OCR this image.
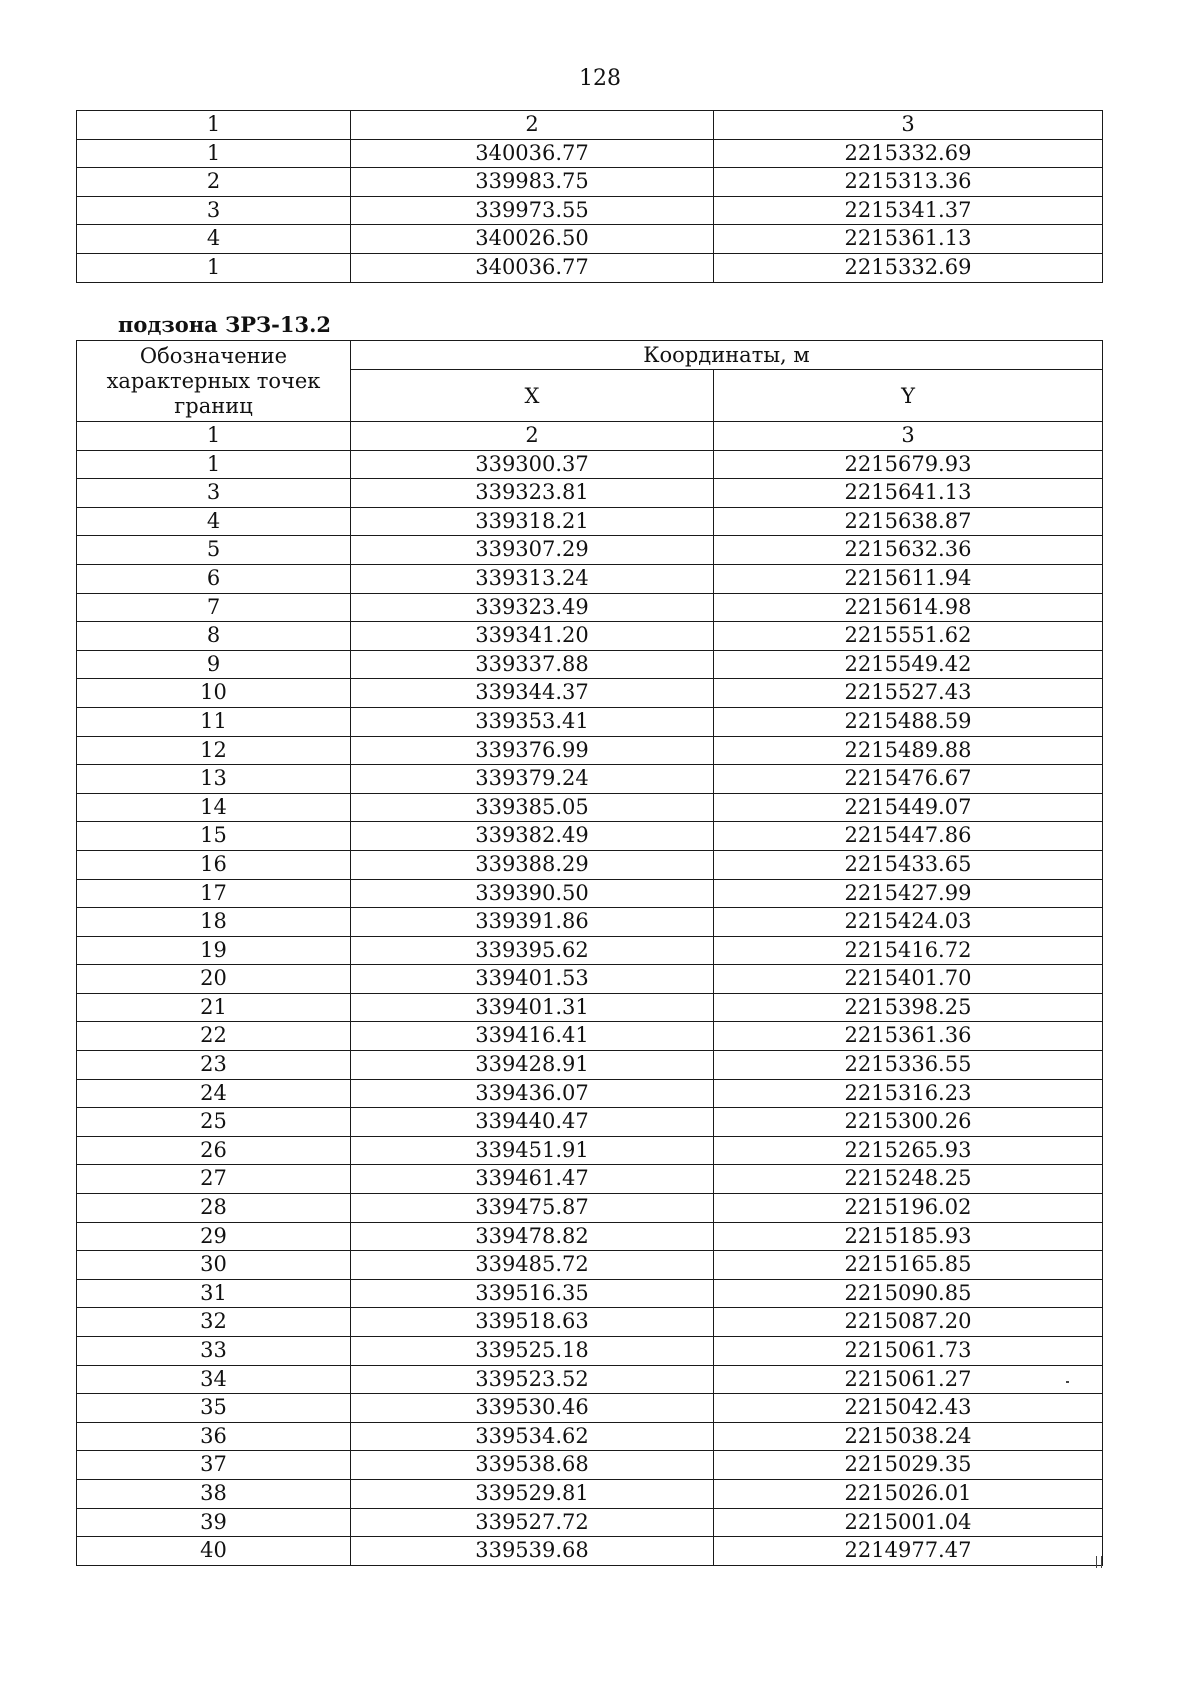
128
1	2	3
1	340036.77	2215332.69
2	339983.75	2215313.36
3	339973.55	2215341.37
4	340026.50	2215361.13
1	340036.77	2215332.69
подзона ЗРЗ-13.2
Обозначение характерных точек границ	Координаты, м	
	X	Y
1	2	3
1	339300.37	2215679.93
3	339323.81	2215641.13
4	339318.21	2215638.87
5	339307.29	2215632.36
6	339313.24	2215611.94
7	339323.49	2215614.98
8	339341.20	2215551.62
9	339337.88	2215549.42
10	339344.37	2215527.43
11	339353.41	2215488.59
12	339376.99	2215489.88
13	339379.24	2215476.67
14	339385.05	2215449.07
15	339382.49	2215447.86
16	339388.29	2215433.65
17	339390.50	2215427.99
18	339391.86	2215424.03
19	339395.62	2215416.72
20	339401.53	2215401.70
21	339401.31	2215398.25
22	339416.41	2215361.36
23	339428.91	2215336.55
24	339436.07	2215316.23
25	339440.47	2215300.26
26	339451.91	2215265.93
27	339461.47	2215248.25
28	339475.87	2215196.02
29	339478.82	2215185.93
30	339485.72	2215165.85
31	339516.35	2215090.85
32	339518.63	2215087.20
33	339525.18	2215061.73
34	339523.52	2215061.27
35	339530.46	2215042.43
36	339534.62	2215038.24
37	339538.68	2215029.35
38	339529.81	2215026.01
39	339527.72	2215001.04
40	339539.68	2214977.47
